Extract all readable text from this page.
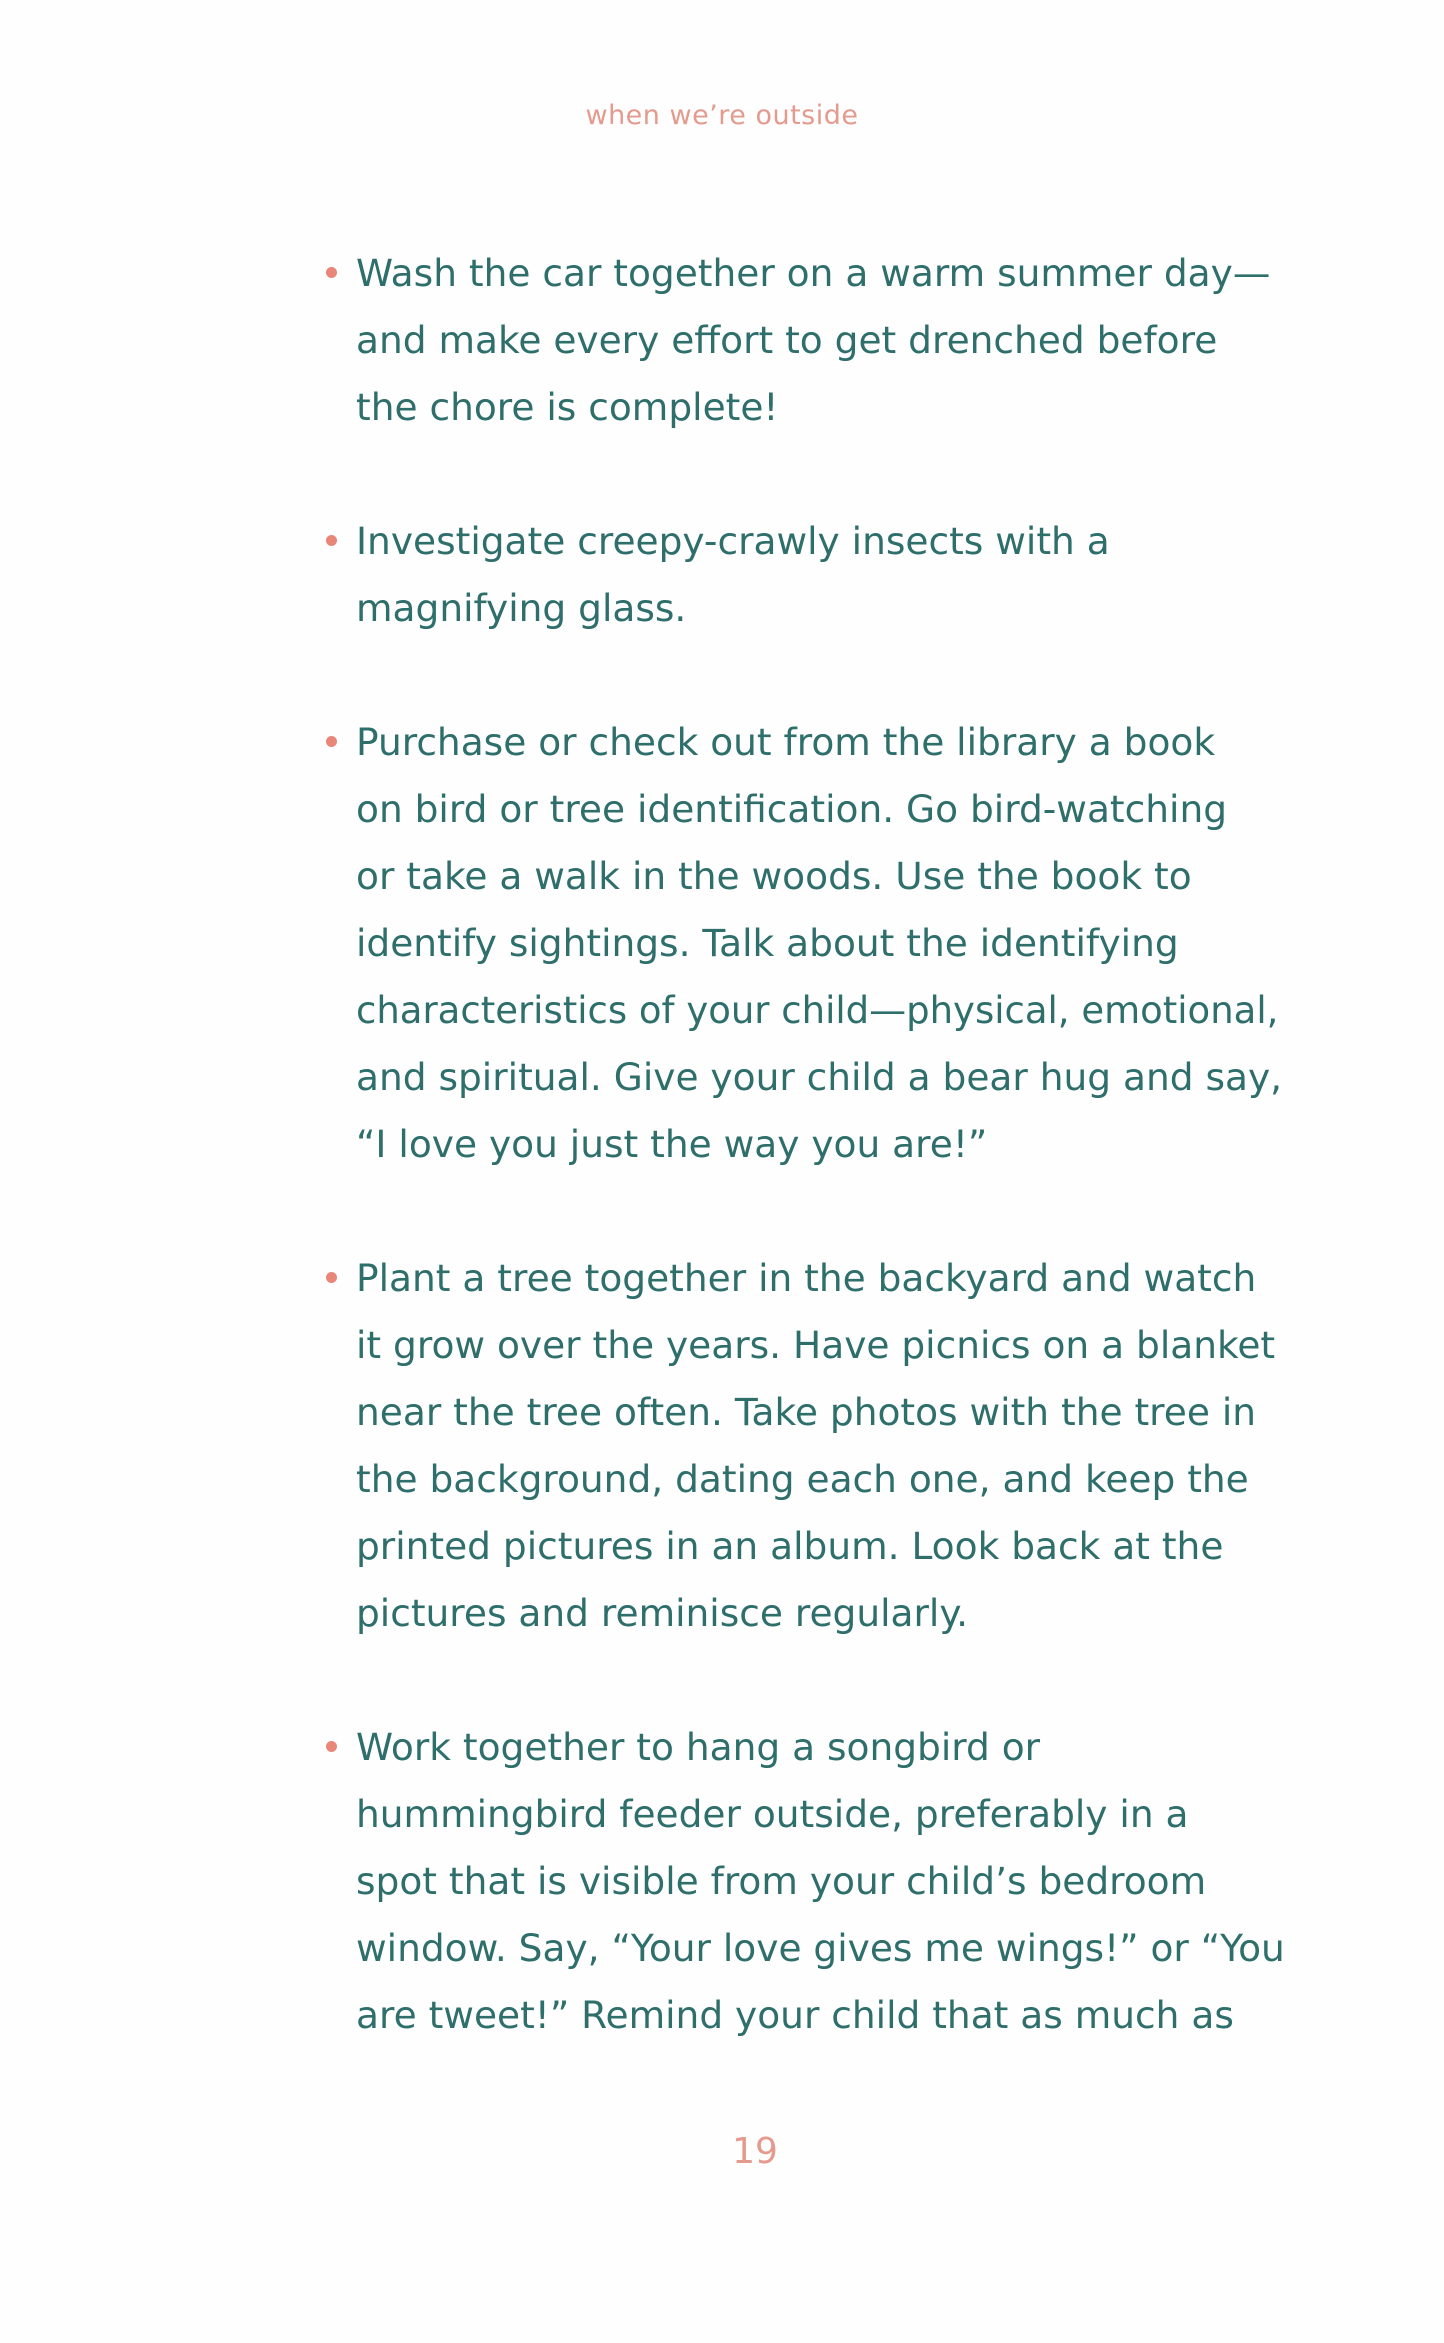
when we’re outside
Wash the car together on a warm summer day—
and make every effort to get drenched before
the chore is complete!
Investigate creepy-crawly insects with a
magnifying glass.
Purchase or check out from the library a book
on bird or tree identification. Go bird-watching
or take a walk in the woods. Use the book to
identify sightings. Talk about the identifying
characteristics of your child—physical, emotional,
and spiritual. Give your child a bear hug and say,
“I love you just the way you are!”
Plant a tree together in the backyard and watch
it grow over the years. Have picnics on a blanket
near the tree often. Take photos with the tree in
the background, dating each one, and keep the
printed pictures in an album. Look back at the
pictures and reminisce regularly.
Work together to hang a songbird or
hummingbird feeder outside, preferably in a
spot that is visible from your child’s bedroom
window. Say, “Your love gives me wings!” or “You
are tweet!” Remind your child that as much as
19
